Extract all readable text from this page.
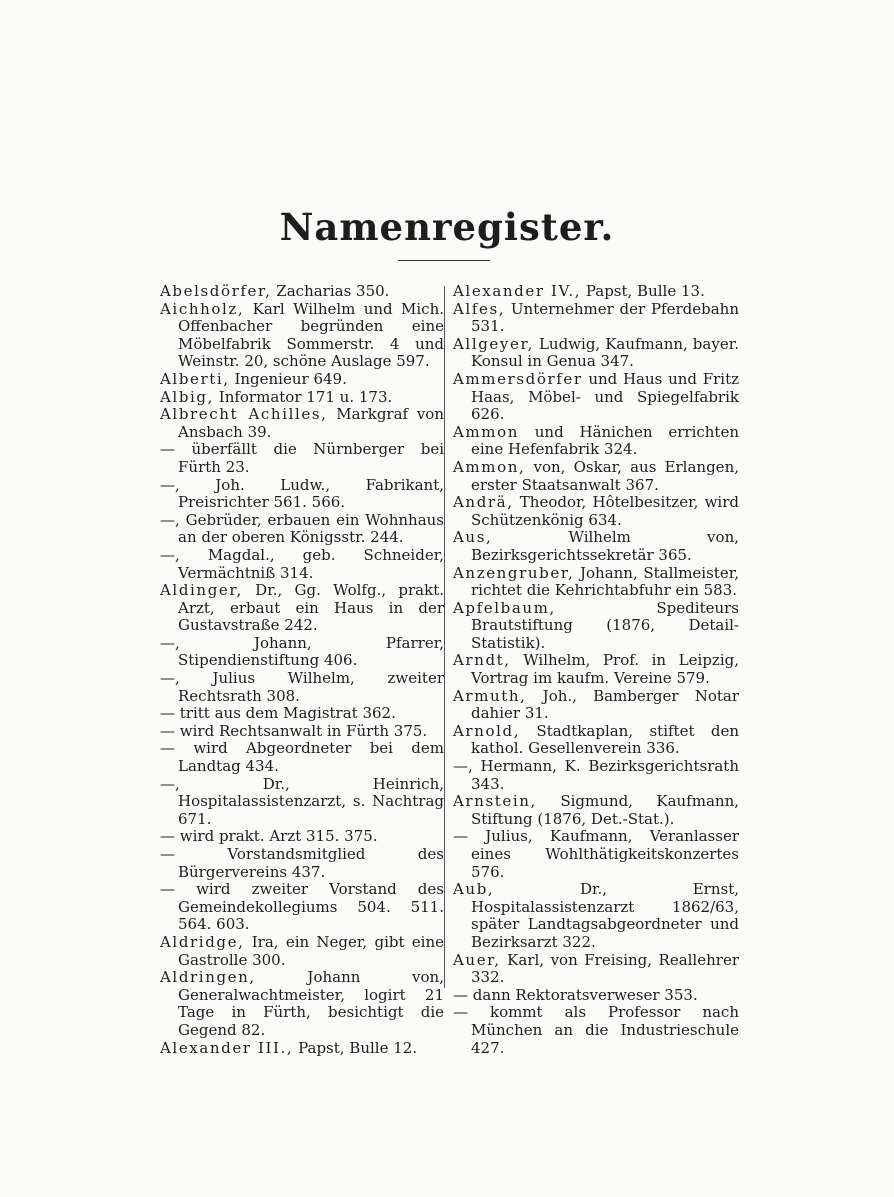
Namenregister.

Abelsdörfer, Zacharias 350.

Aichholz, Karl Wilhelm und Mich. Offenbacher begründen eine Möbelfabrik Sommerstr. 4 und Weinstr. 20, schöne Auslage 597.

Alberti, Ingenieur 649.

Albig, Informator 171 u. 173.

Albrecht Achilles, Markgraf von Ansbach 39.

— überfällt die Nürnberger bei Fürth 23.

—, Joh. Ludw., Fabrikant, Preisrichter 561. 566.

—, Gebrüder, erbauen ein Wohnhaus an der oberen Königsstr. 244.

—, Magdal., geb. Schneider, Vermächtniß 314.

Aldinger, Dr., Gg. Wolfg., prakt. Arzt, erbaut ein Haus in der Gustavstraße 242.

—, Johann, Pfarrer, Stipendienstiftung 406.

—, Julius Wilhelm, zweiter Rechtsrath 308.

— tritt aus dem Magistrat 362.

— wird Rechtsanwalt in Fürth 375.

— wird Abgeordneter bei dem Landtag 434.

—, Dr., Heinrich, Hospitalassistenzarzt, s. Nachtrag 671.

— wird prakt. Arzt 315. 375.

— Vorstandsmitglied des Bürgervereins 437.

— wird zweiter Vorstand des Gemeindekollegiums 504. 511. 564. 603.

Aldridge, Ira, ein Neger, gibt eine Gastrolle 300.

Aldringen, Johann von, Generalwachtmeister, logirt 21 Tage in Fürth, besichtigt die Gegend 82.

Alexander III., Papst, Bulle 12.

Alexander IV., Papst, Bulle 13.

Alfes, Unternehmer der Pferdebahn 531.

Allgeyer, Ludwig, Kaufmann, bayer. Konsul in Genua 347.

Ammersdörfer und Haus und Fritz Haas, Möbel- und Spiegelfabrik 626.

Ammon und Hänichen errichten eine Hefenfabrik 324.

Ammon, von, Oskar, aus Erlangen, erster Staatsanwalt 367.

Andrä, Theodor, Hôtelbesitzer, wird Schützenkönig 634.

Aus, Wilhelm von, Bezirksgerichtssekretär 365.

Anzengruber, Johann, Stallmeister, richtet die Kehrichtabfuhr ein 583.

Apfelbaum, Spediteurs Brautstiftung (1876, Detail-Statistik).

Arndt, Wilhelm, Prof. in Leipzig, Vortrag im kaufm. Vereine 579.

Armuth, Joh., Bamberger Notar dahier 31.

Arnold, Stadtkaplan, stiftet den kathol. Gesellenverein 336.

—, Hermann, K. Bezirksgerichtsrath 343.

Arnstein, Sigmund, Kaufmann, Stiftung (1876, Det.-Stat.).

— Julius, Kaufmann, Veranlasser eines Wohlthätigkeitskonzertes 576.

Aub, Dr., Ernst, Hospitalassistenzarzt 1862/63, später Landtagsabgeordneter und Bezirksarzt 322.

Auer, Karl, von Freising, Reallehrer 332.

— dann Rektoratsverweser 353.

— kommt als Professor nach München an die Industrieschule 427.
